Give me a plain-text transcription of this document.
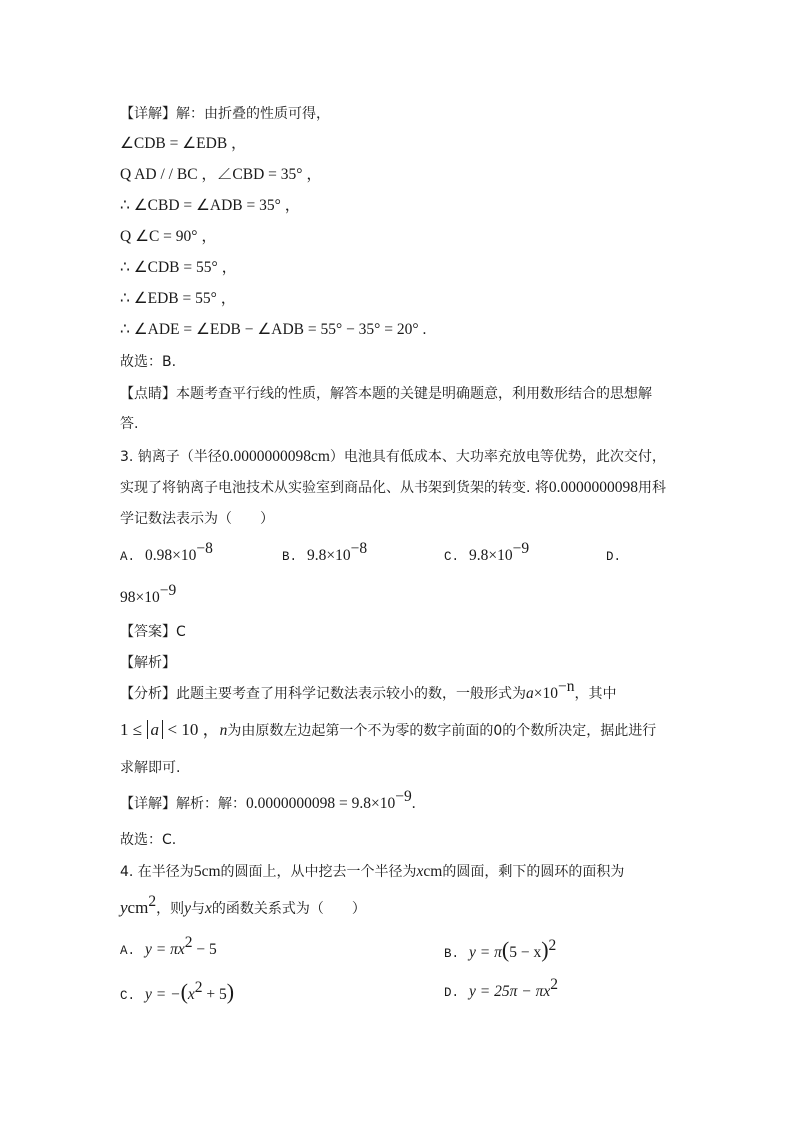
【详解】解：由折叠的性质可得，
∠CDB = ∠EDB ，
Q AD / / BC ，∠CBD = 35° ，
∴ ∠CBD = ∠ADB = 35° ，
Q ∠C = 90° ，
∴ ∠CDB = 55° ，
∴ ∠EDB = 55° ，
∴ ∠ADE = ∠EDB − ∠ADB = 55° − 35° = 20° .
故选：B.
【点睛】本题考查平行线的性质，解答本题的关键是明确题意，利用数形结合的思想解
答.
3. 钠离子（半径0.0000000098cm）电池具有低成本、大功率充放电等优势，此次交付，
实现了将钠离子电池技术从实验室到商品化、从书架到货架的转变. 将0.0000000098用科
学记数法表示为（　　）
A. $0.98\times 10^{-8}$	B. $9.8\times 10^{-8}$	C. $9.8\times 10^{-9}$	D.
$98\times 10^{-9}$
【答案】C
【解析】
【分析】此题主要考查了用科学记数法表示较小的数，一般形式为$a\times 10^{-n}$，其中
1 ≤ a < 10 ，n为由原数左边起第一个不为零的数字前面的0的个数所决定，据此进行
求解即可.
【详解】解析：解：$0.0000000098 = 9.8\times 10^{-9}$.
故选：C.
4. 在半径为5cm的圆面上，从中挖去一个半径为xcm的圆面，剩下的圆环的面积为
ycm$^2$，则y与x的函数关系式为（　　）
A. $y = \pi x^2 - 5$	B. $y = \pi(5 - x)^2$
C. $y = -(x^2 + 5)$	D. $y = 25\pi - \pi x^2$
